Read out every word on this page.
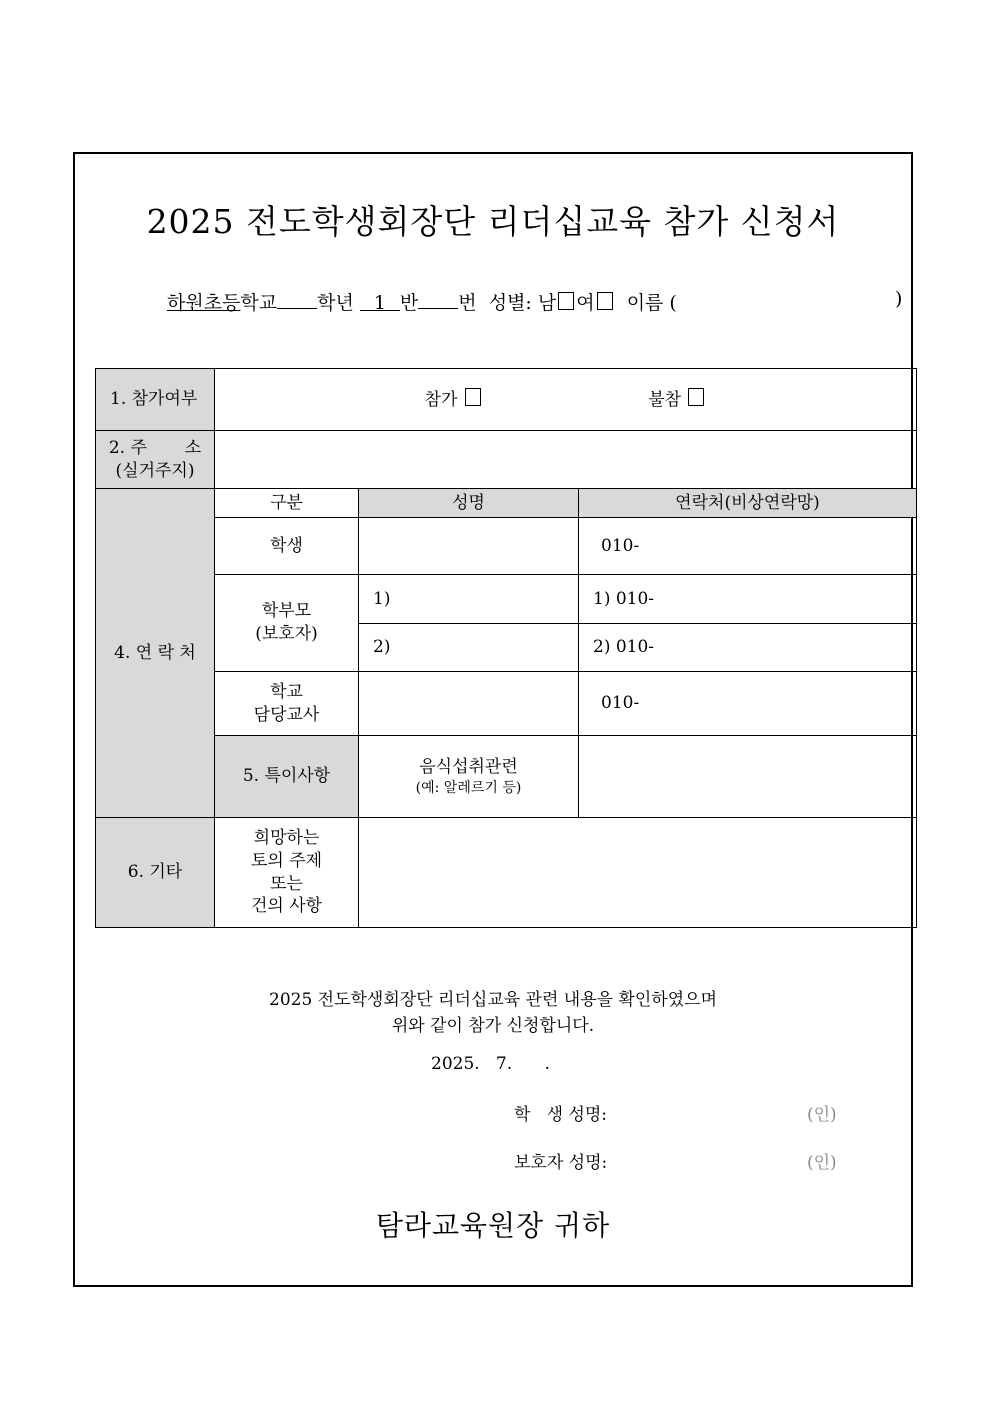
2025 전도학생회장단 리더십교육 참가 신청서
하원초등학교 학년 1 반 번 성별: 남 여 이름 (	)
1. 참가여부	참가 불참		

2. 주       소
(실거주지)			

4. 연 락 처	구분	성명	연락처(비상연락망)
	학생		010-

	학부모
(보호자)	1)	1) 010-
		2)	2) 010-

	학교
담당교사		010-
	5. 특이사항	음식섭취관련
(예: 알레르기 등)	

6. 기타	희망하는
토의 주제
또는
건의 사항		

2025 전도학생회장단 리더십교육 관련 내용을 확인하였으며
위와 같이 참가 신청합니다.
2025.   7.      .
학   생 성명:	(인)
보호자 성명:	(인)
탐라교육원장 귀하
